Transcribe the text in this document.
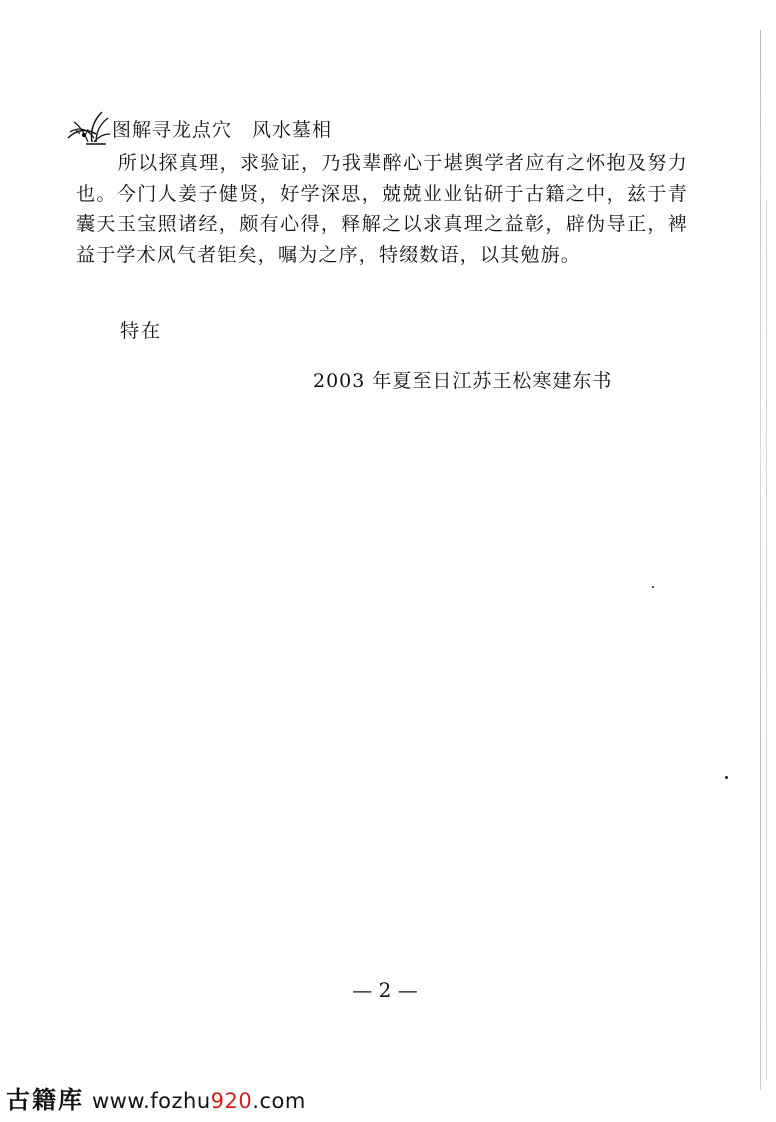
图解寻龙点穴 风水墓相
所以探真理，求验证，乃我辈醉心于堪舆学者应有之怀抱及努力也。今门人姜子健贤，好学深思，兢兢业业钻研于古籍之中，兹于青囊天玉宝照诸经，颇有心得，释解之以求真理之益彰，辟伪导正，裨益于学术风气者钜矣，嘱为之序，特缀数语，以其勉旃。
特在
2003 年夏至日江苏王松寒建东书
— 2 —
古籍库 www.fozhu 920 .com
